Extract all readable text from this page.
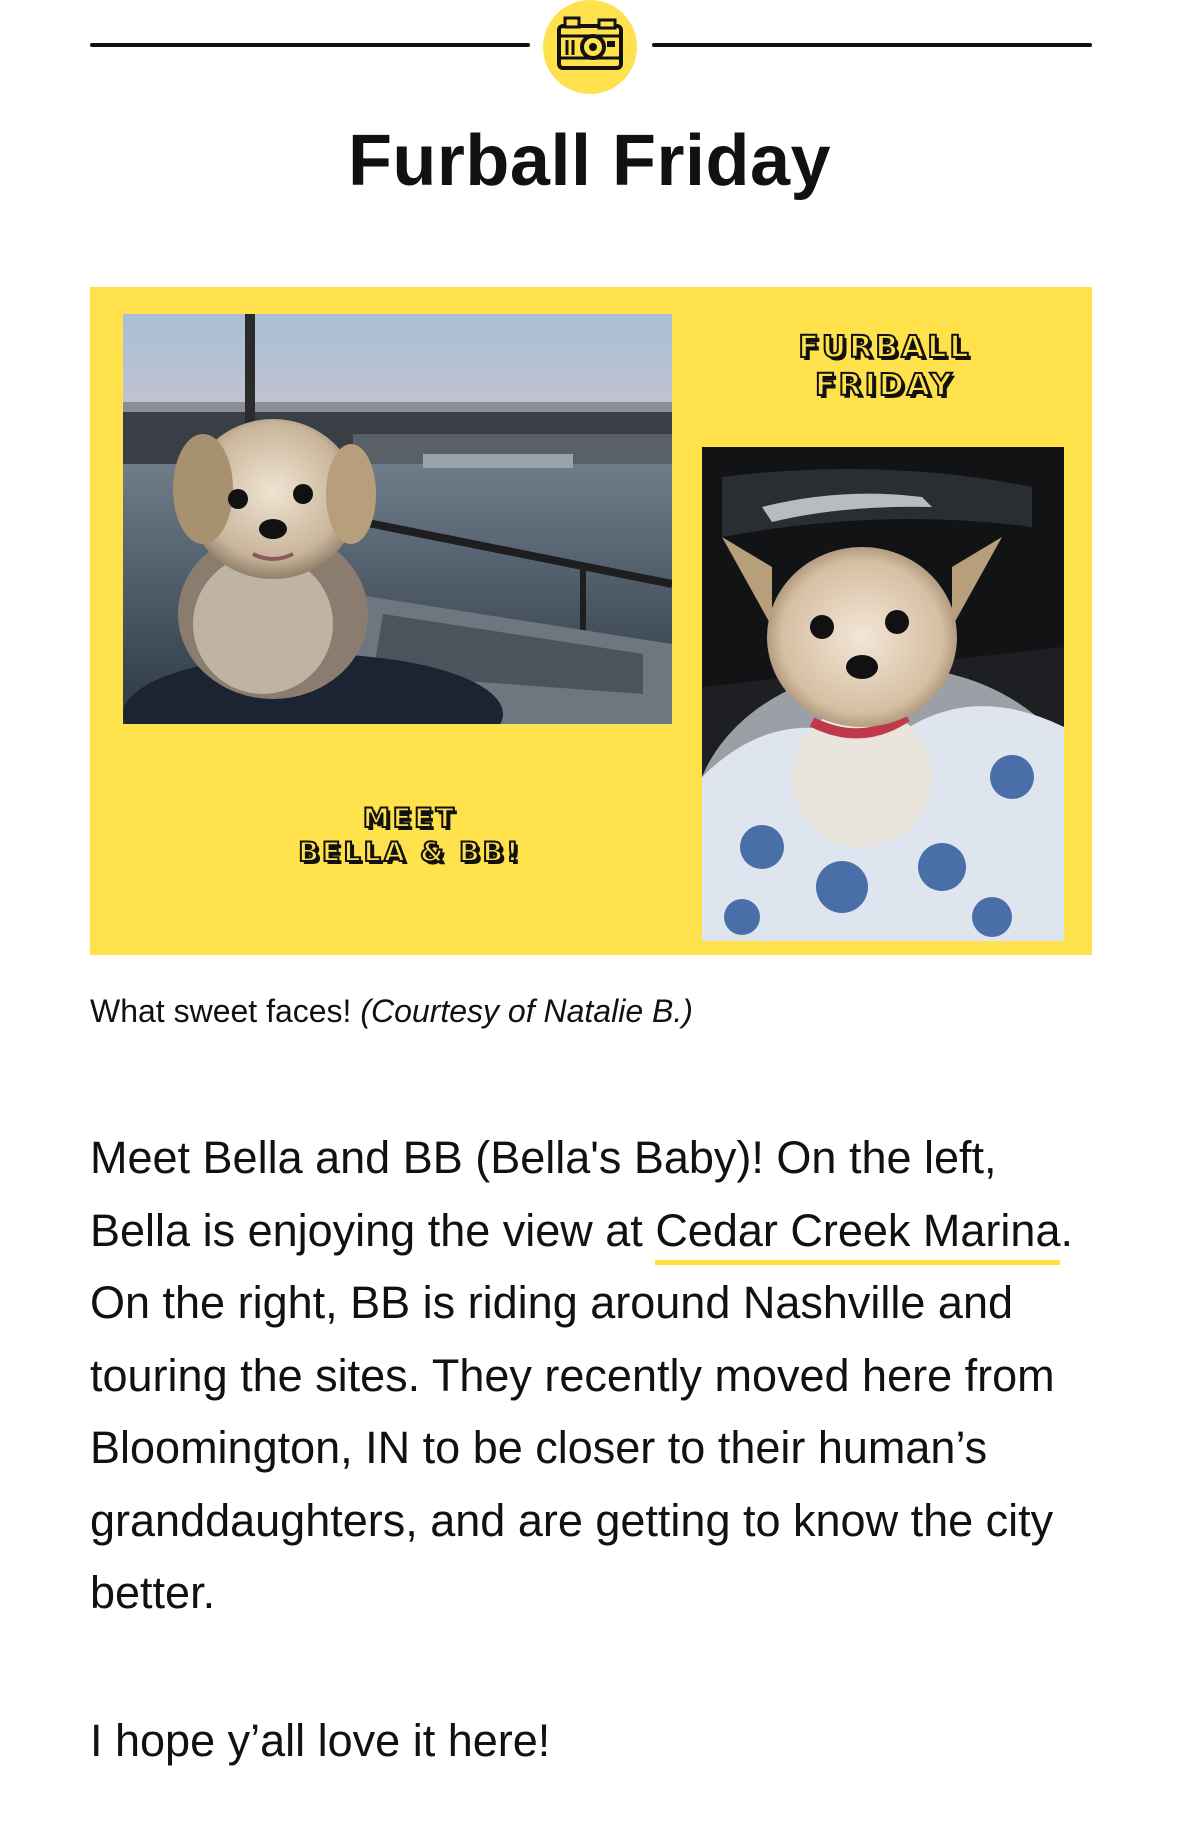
Furball Friday
FURBALL
FRIDAY
MEET
BELLA & BB!

What sweet faces! (Courtesy of Natalie B.)

Meet Bella and BB (Bella's Baby)! On the left, Bella is enjoying the view at Cedar Creek Marina. On the right, BB is riding around Nashville and touring the sites. They recently moved here from Bloomington, IN to be closer to their human’s granddaughters, and are getting to know the city better.

I hope y’all love it here!
